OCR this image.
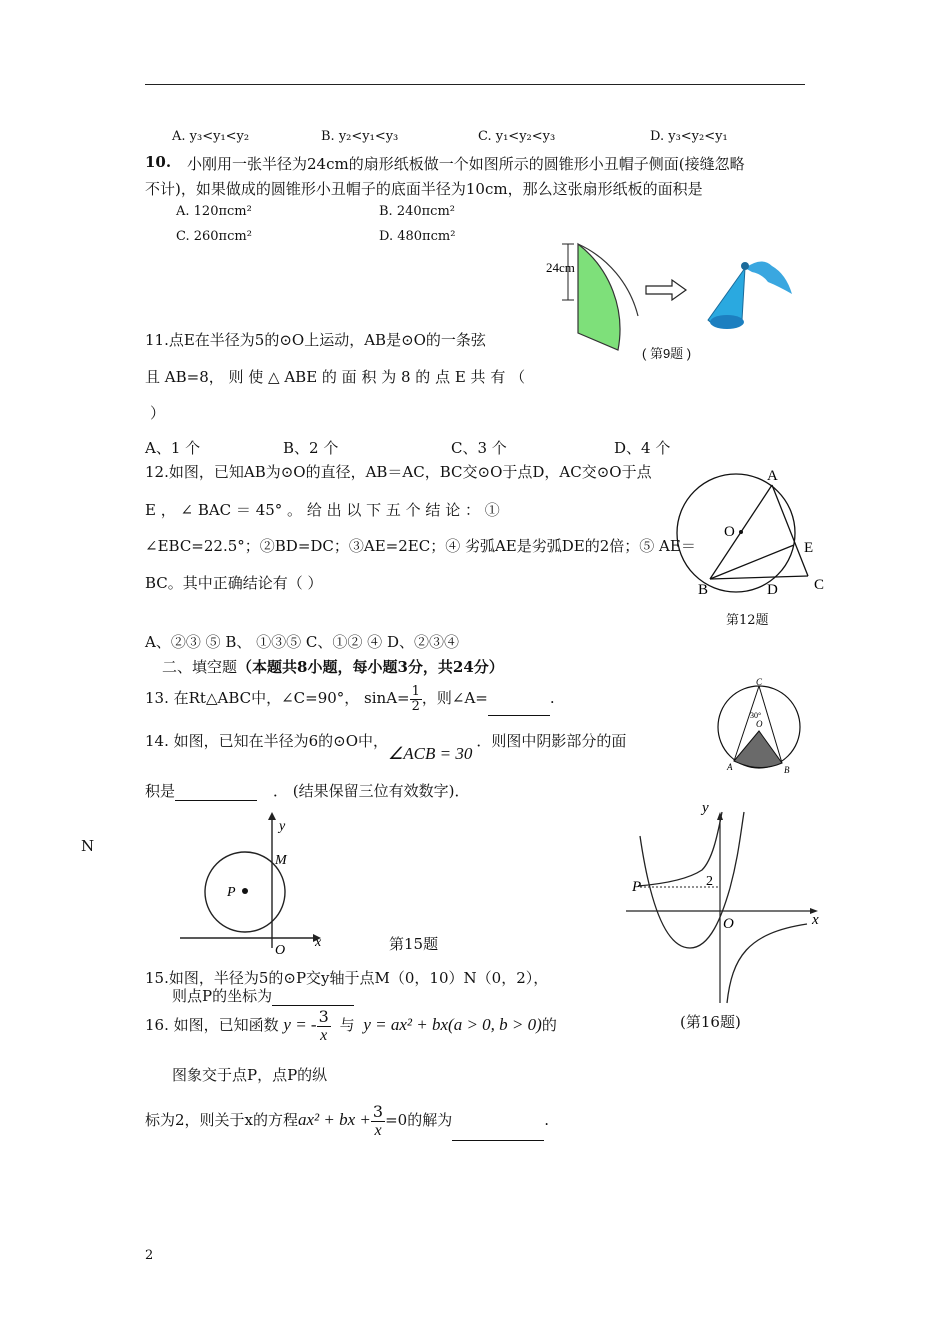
A. y₃<y₁<y₂	B. y₂<y₁<y₃	C. y₁<y₂<y₃	D. y₃<y₂<y₁
10. 小刚用一张半径为24cm的扇形纸板做一个如图所示的圆锥形小丑帽子侧面(接缝忽略
不计)，如果做成的圆锥形小丑帽子的底面半径为10cm，那么这张扇形纸板的面积是
A. 120πcm²	B. 240πcm²
C. 260πcm²	D. 480πcm²
24cm
( 第9题 )
11.点E在半径为5的⊙O上运动，AB是⊙O的一条弦
且 AB=8， 则 使 △ ABE 的 面 积 为 8 的 点 E 共 有 （
）
A、1 个	B、2 个	C、3 个	D、4 个
12.如图，已知AB为⊙O的直径，AB＝AC，BC交⊙O于点D，AC交⊙O于点
E ， ∠ BAC ＝ 45° 。 给 出 以 下 五 个 结 论 ： ①
∠EBC=22.5°；②BD=DC；③AE=2EC；④ 劣弧AE是劣弧DE的2倍；⑤ AE＝
BC。其中正确结论有（ ）
A、②③ ⑤ B、 ①③⑤ C、①② ④ D、②③④
A
O
E
B	D C
第12题
二、填空题（本题共8小题，每小题3分，共24分）
13. 在Rt△ABC中，∠C=90°， $\sin A= \frac{1}{2}$ ，则∠A=	.
14. 如图，已知在半径为6的⊙O中，∠ACB = 30．则图中阴影部分的面
积是	． (结果保留三位有效数字)．
C
30°
O
A	B
N
y
M
P
O
x	第15题
15.如图，半径为5的⊙P交y轴于点M（0，10）N（0，2），
则点P的坐标为
y
P	2
O	x
(第16题)
16. 如图，已知函数 y = - $\frac{3}{x}$ 与 y = ax² + bx(a > 0, b > 0)的
图象交于点P，点P的纵
标为2，则关于x的方程ax² + bx + $\frac{3}{x} =0$的解为	.
2
